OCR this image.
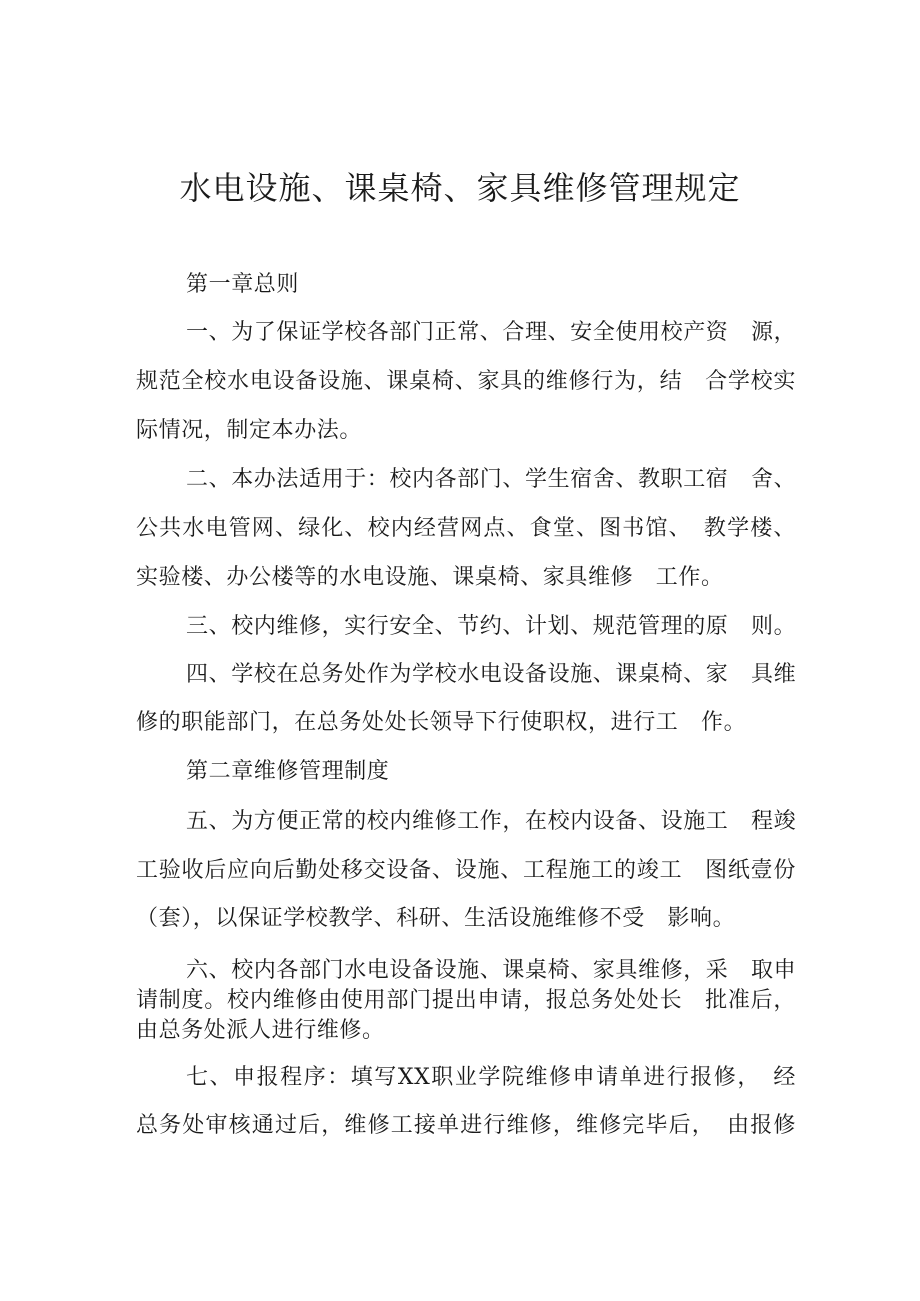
水电设施、课桌椅、家具维修管理规定
第一章总则
一、为了保证学校各部门正常、合理、安全使用校产资　源，
规范全校水电设备设施、课桌椅、家具的维修行为，结　合学校实
际情况，制定本办法。
二、本办法适用于：校内各部门、学生宿舍、教职工宿　舍、
公共水电管网、绿化、校内经营网点、食堂、图书馆、　教学楼、
实验楼、办公楼等的水电设施、课桌椅、家具维修　工作。
三、校内维修，实行安全、节约、计划、规范管理的原　则。
四、学校在总务处作为学校水电设备设施、课桌椅、家　具维
修的职能部门，在总务处处长领导下行使职权，进行工　作。
第二章维修管理制度
五、为方便正常的校内维修工作，在校内设备、设施工　程竣
工验收后应向后勤处移交设备、设施、工程施工的竣工　图纸壹份
（套），以保证学校教学、科研、生活设施维修不受　影响。
六、校内各部门水电设备设施、课桌椅、家具维修，采　取申
请制度。校内维修由使用部门提出申请，报总务处处长　批准后，
由总务处派人进行维修。
七、申报程序：填写XX职业学院维修申请单进行报修，　经
总务处审核通过后，维修工接单进行维修，维修完毕后，　由报修
